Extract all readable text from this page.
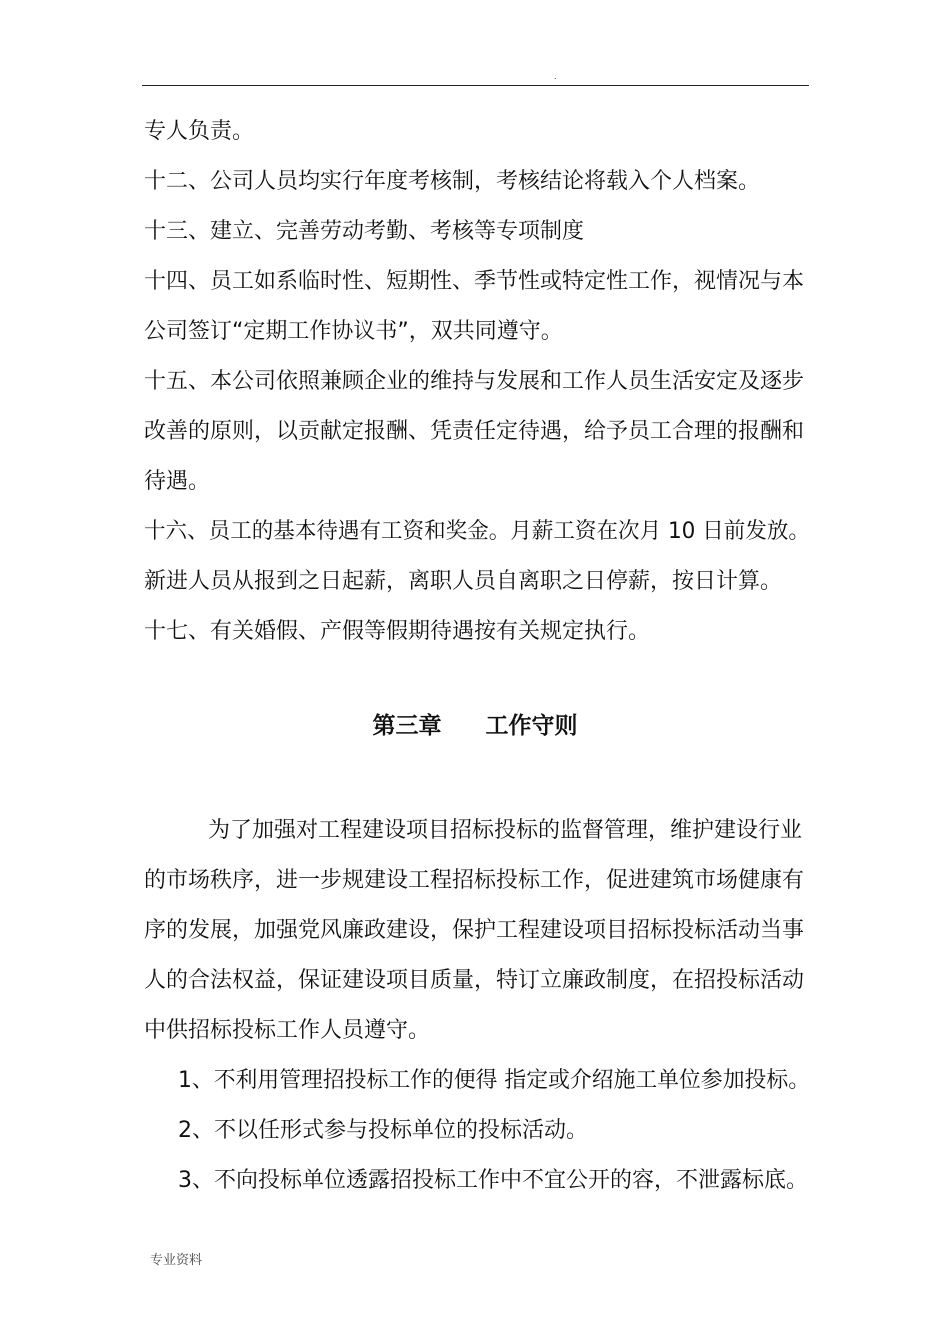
.
专人负责。
十二、公司人员均实行年度考核制，考核结论将载入个人档案。
十三、建立、完善劳动考勤、考核等专项制度
十四、员工如系临时性、短期性、季节性或特定性工作，视情况与本
公司签订“定期工作协议书”，双共同遵守。
十五、本公司依照兼顾企业的维持与发展和工作人员生活安定及逐步
改善的原则，以贡献定报酬、凭责任定待遇，给予员工合理的报酬和
待遇。
十六、员工的基本待遇有工资和奖金。月薪工资在次月 10 日前发放。
新进人员从报到之日起薪，离职人员自离职之日停薪，按日计算。
十七、有关婚假、产假等假期待遇按有关规定执行。
第三章 工作守则
为了加强对工程建设项目招标投标的监督管理，维护建设行业
的市场秩序，进一步规建设工程招标投标工作，促进建筑市场健康有
序的发展，加强党风廉政建设，保护工程建设项目招标投标活动当事
人的合法权益，保证建设项目质量，特订立廉政制度，在招投标活动
中供招标投标工作人员遵守。
1、不利用管理招投标工作的便得 指定或介绍施工单位参加投标。
2、不以任形式参与投标单位的投标活动。
3、不向投标单位透露招投标工作中不宜公开的容，不泄露标底。
专业资料
